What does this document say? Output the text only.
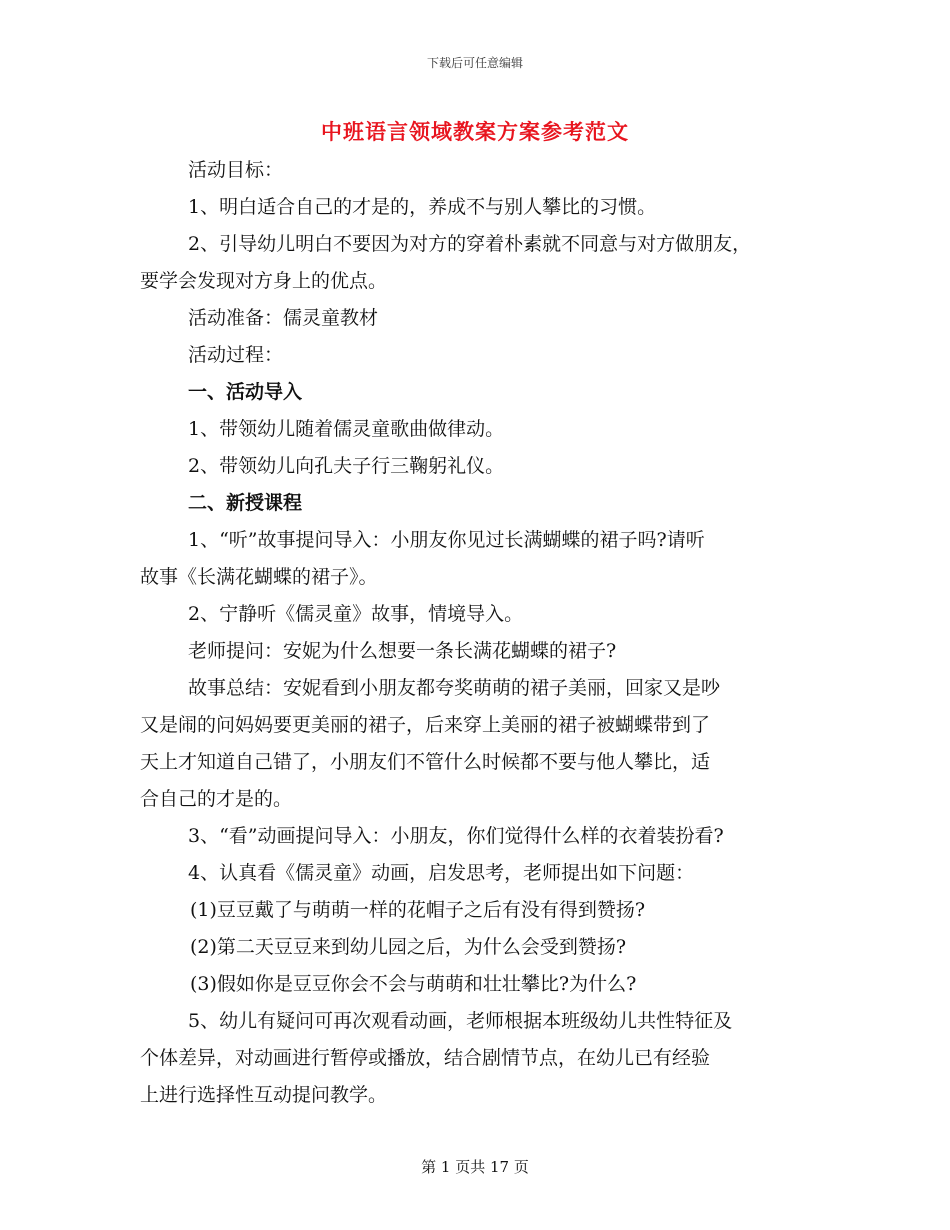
下载后可任意编辑
中班语言领域教案方案参考范文

活动目标：

1、明白适合自己的才是的，养成不与别人攀比的习惯。

2、引导幼儿明白不要因为对方的穿着朴素就不同意与对方做朋友，

要学会发现对方身上的优点。

活动准备：儒灵童教材

活动过程：

一、活动导入

1、带领幼儿随着儒灵童歌曲做律动。

2、带领幼儿向孔夫子行三鞠躬礼仪。

二、新授课程

1、“听”故事提问导入：小朋友你见过长满蝴蝶的裙子吗?请听

故事《长满花蝴蝶的裙子》。

2、宁静听《儒灵童》故事，情境导入。

老师提问：安妮为什么想要一条长满花蝴蝶的裙子?

故事总结：安妮看到小朋友都夸奖萌萌的裙子美丽，回家又是吵

又是闹的问妈妈要更美丽的裙子，后来穿上美丽的裙子被蝴蝶带到了

天上才知道自己错了，小朋友们不管什么时候都不要与他人攀比，适

合自己的才是的。

3、“看”动画提问导入：小朋友，你们觉得什么样的衣着装扮看?

4、认真看《儒灵童》动画，启发思考，老师提出如下问题：

(1)豆豆戴了与萌萌一样的花帽子之后有没有得到赞扬?

(2)第二天豆豆来到幼儿园之后，为什么会受到赞扬?

(3)假如你是豆豆你会不会与萌萌和壮壮攀比?为什么?

5、幼儿有疑问可再次观看动画，老师根据本班级幼儿共性特征及

个体差异，对动画进行暂停或播放，结合剧情节点，在幼儿已有经验

上进行选择性互动提问教学。

第 1 页共 17 页
